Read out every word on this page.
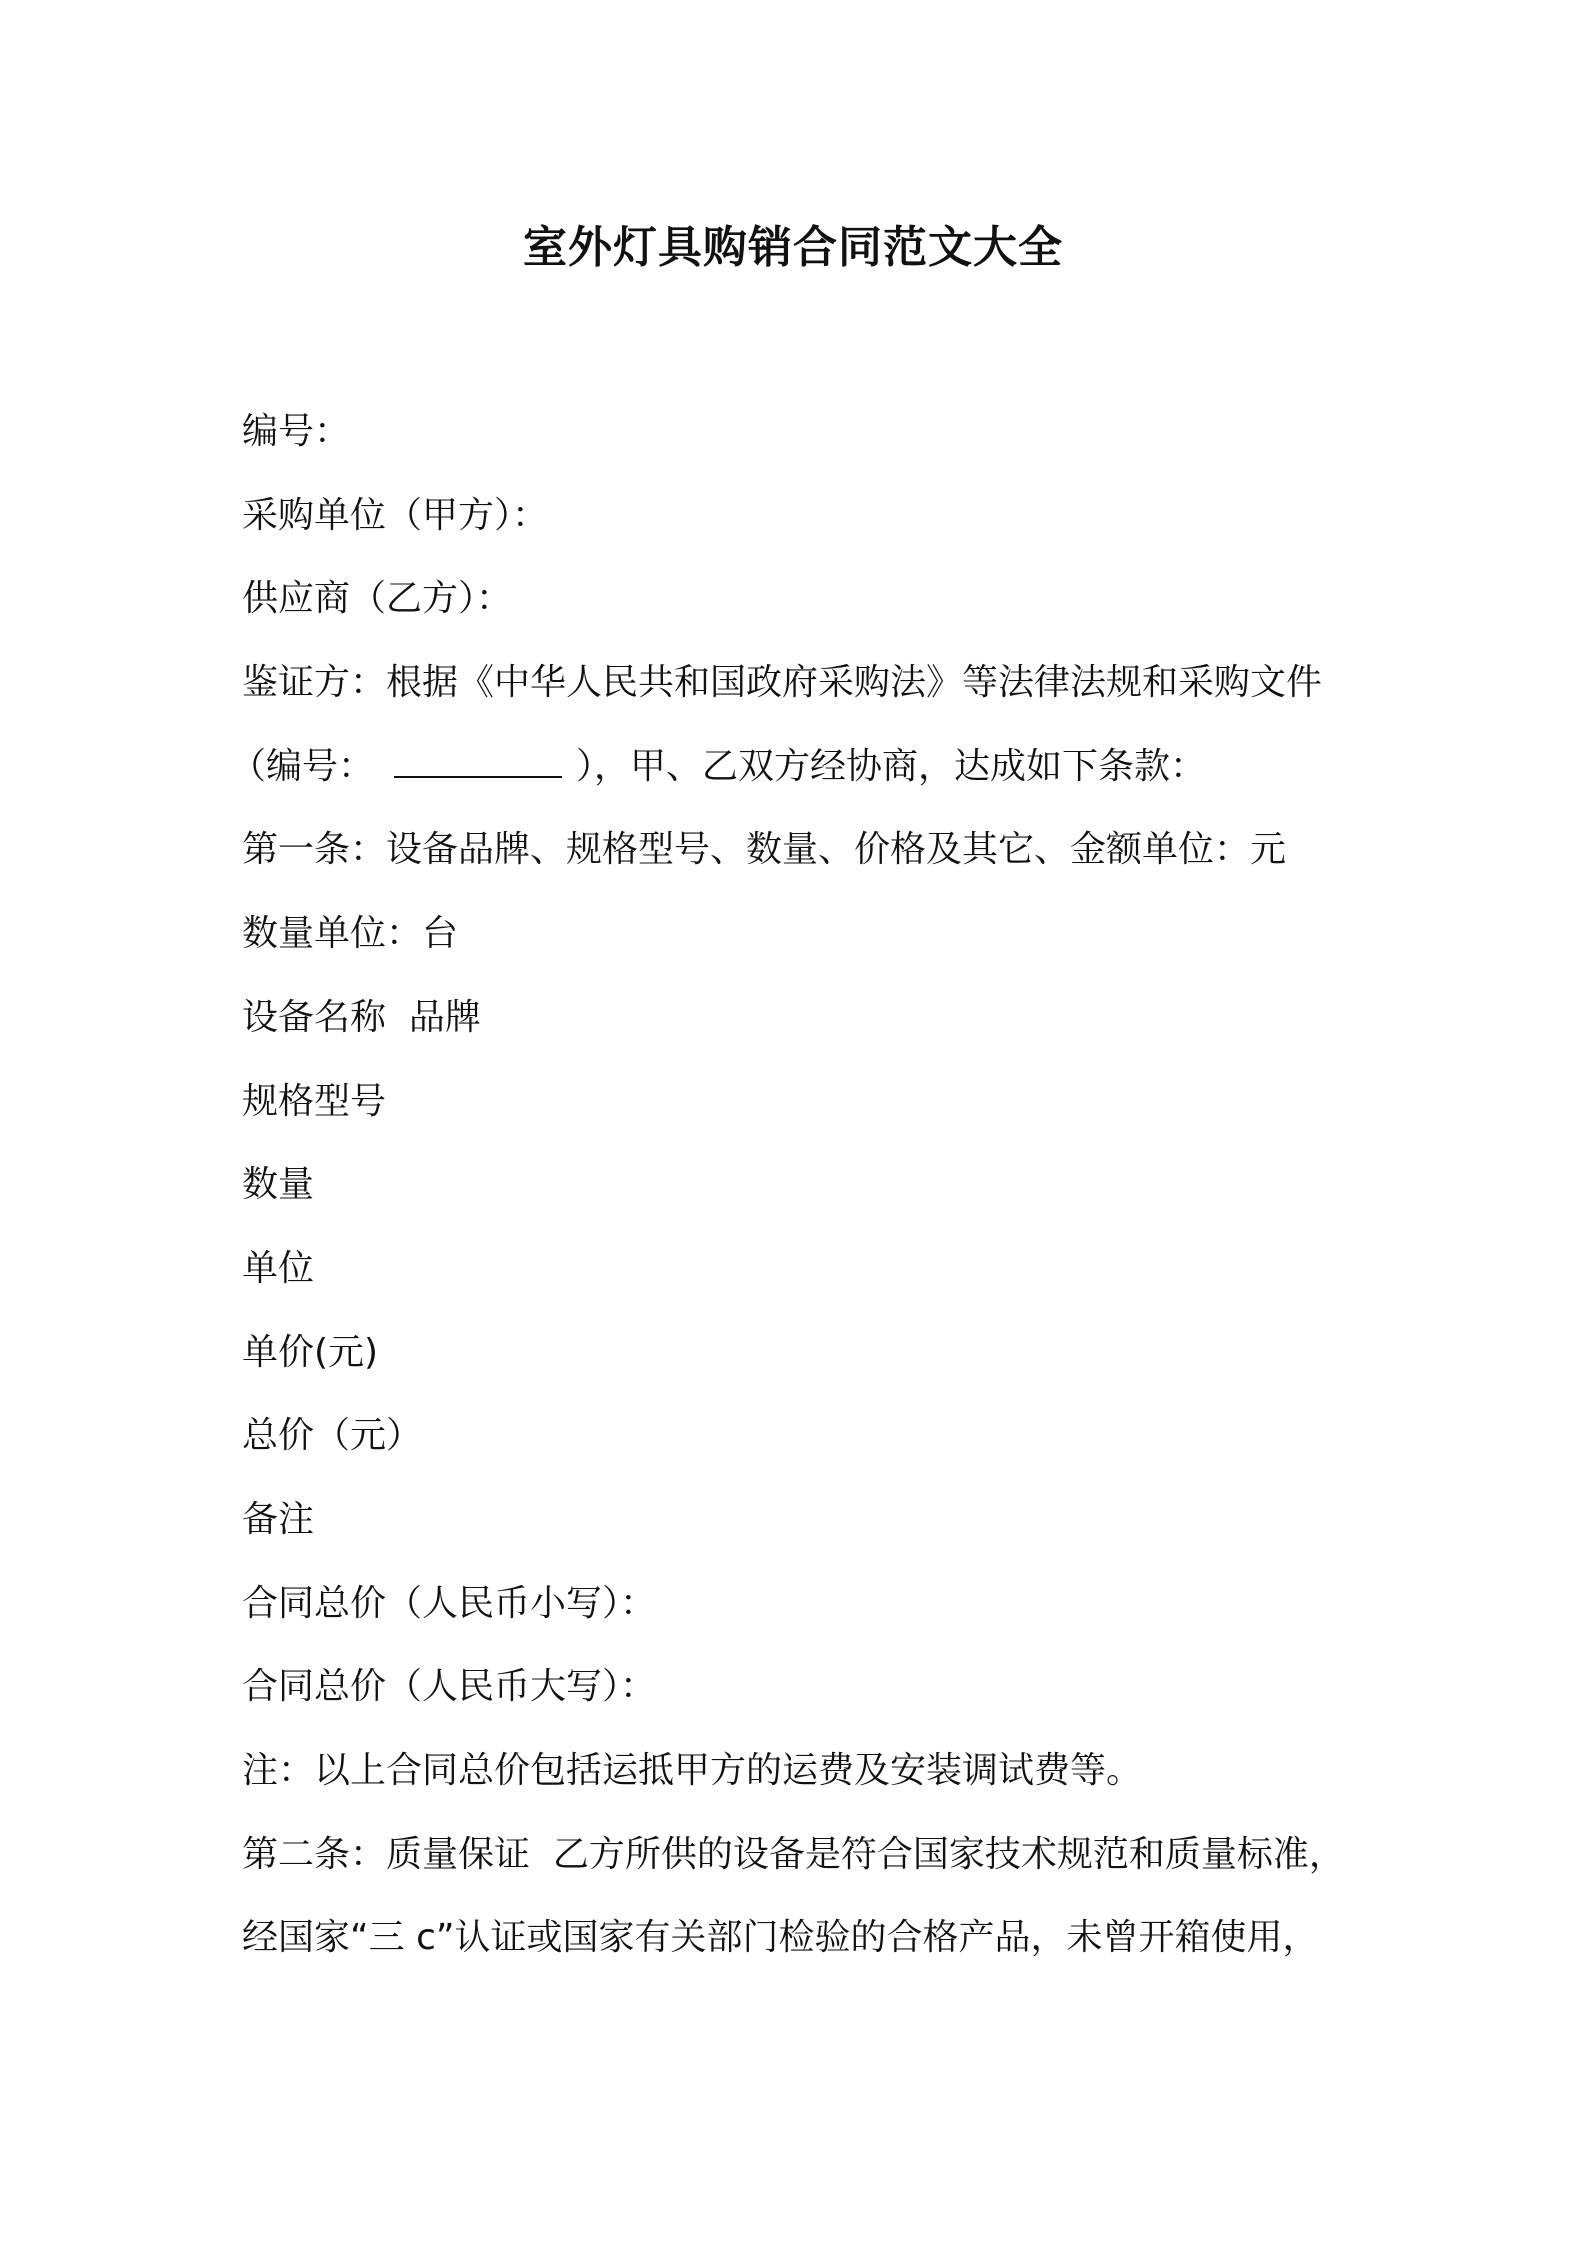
室外灯具购销合同范文大全

编号：

采购单位（甲方）：

供应商（乙方）：

鉴证方：根据《中华人民共和国政府采购法》等法律法规和采购文件

（编号：	），甲、乙双方经协商，达成如下条款：

第一条：设备品牌、规格型号、数量、价格及其它、金额单位：元

数量单位：台

设备名称  品牌

规格型号

数量

单位

单价(元)

总价（元）

备注

合同总价（人民币小写）：

合同总价（人民币大写）：

注：以上合同总价包括运抵甲方的运费及安装调试费等。

第二条：质量保证  乙方所供的设备是符合国家技术规范和质量标准，

经国家“三 c”认证或国家有关部门检验的合格产品，未曾开箱使用，
